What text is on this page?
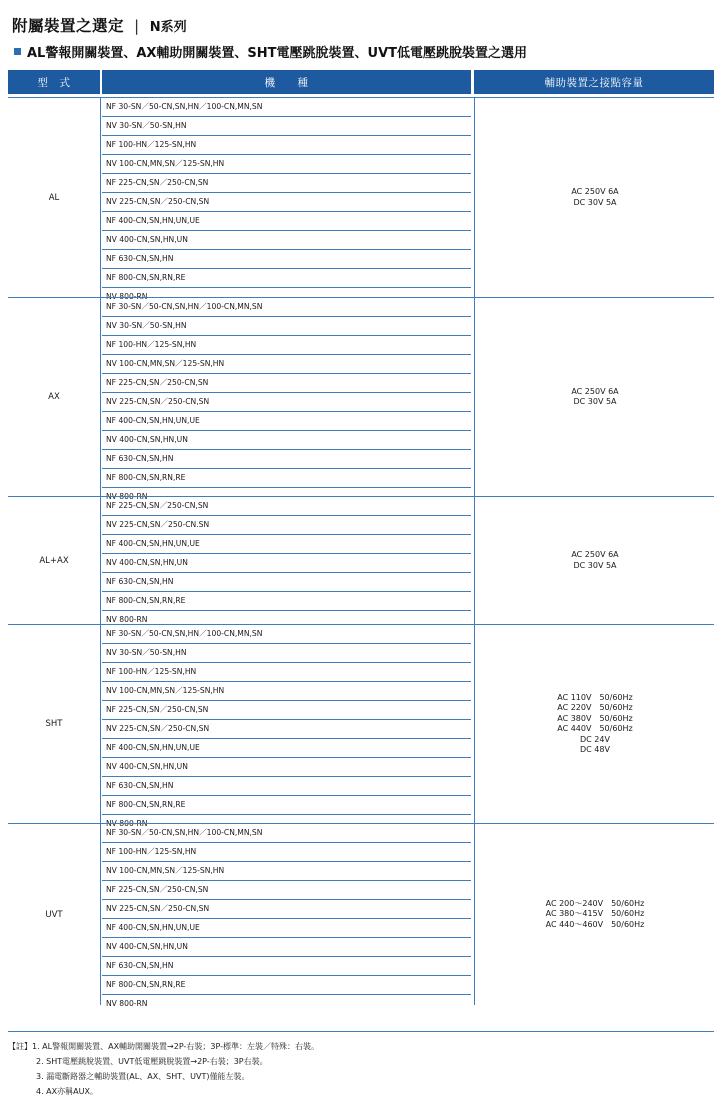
附屬裝置之選定 | N系列
AL警報開關裝置、AX輔助開關裝置、SHT電壓跳脫裝置、UVT低電壓跳脫裝置之選用
型　式	機　　種	輔助裝置之接點容量
AL
NF 30-SN／50-CN,SN,HN／100-CN,MN,SN
NV 30-SN／50-SN,HN
NF 100-HN／125-SN,HN
NV 100-CN,MN,SN／125-SN,HN
NF 225-CN,SN／250-CN,SN
NV 225-CN,SN／250-CN,SN
NF 400-CN,SN,HN,UN,UE
NV 400-CN,SN,HN,UN
NF 630-CN,SN,HN
NF 800-CN,SN,RN,RE
NV 800-RN
AC 250V 6A
DC 30V 5A
AX
NF 30-SN／50-CN,SN,HN／100-CN,MN,SN
NV 30-SN／50-SN,HN
NF 100-HN／125-SN,HN
NV 100-CN,MN,SN／125-SN,HN
NF 225-CN,SN／250-CN,SN
NV 225-CN,SN／250-CN,SN
NF 400-CN,SN,HN,UN,UE
NV 400-CN,SN,HN,UN
NF 630-CN,SN,HN
NF 800-CN,SN,RN,RE
NV 800-RN
AC 250V 6A
DC 30V 5A
AL+AX
NF 225-CN,SN／250-CN,SN
NV 225-CN,SN／250-CN.SN
NF 400-CN,SN,HN,UN,UE
NV 400-CN,SN,HN,UN
NF 630-CN,SN,HN
NF 800-CN,SN,RN,RE
NV 800-RN
AC 250V 6A
DC 30V 5A
SHT
NF 30-SN／50-CN,SN,HN／100-CN,MN,SN
NV 30-SN／50-SN,HN
NF 100-HN／125-SN,HN
NV 100-CN,MN,SN／125-SN,HN
NF 225-CN,SN／250-CN,SN
NV 225-CN,SN／250-CN,SN
NF 400-CN,SN,HN,UN,UE
NV 400-CN,SN,HN,UN
NF 630-CN,SN,HN
NF 800-CN,SN,RN,RE
NV 800-RN
AC 110V　50/60Hz
AC 220V　50/60Hz
AC 380V　50/60Hz
AC 440V　50/60Hz
DC 24V
DC 48V
UVT
NF 30-SN／50-CN,SN,HN／100-CN,MN,SN
NF 100-HN／125-SN,HN
NV 100-CN,MN,SN／125-SN,HN
NF 225-CN,SN／250-CN,SN
NV 225-CN,SN／250-CN,SN
NF 400-CN,SN,HN,UN,UE
NV 400-CN,SN,HN,UN
NF 630-CN,SN,HN
NF 800-CN,SN,RN,RE
NV 800-RN
AC 200～240V　50/60Hz
AC 380～415V　50/60Hz
AC 440～460V　50/60Hz
【註】1. AL警報開關裝置、AX輔助開關裝置→2P-右裝；3P-標準：左裝／特殊：右裝。
2. SHT電壓跳脫裝置、UVT低電壓跳脫裝置→2P-右裝；3P右裝。
3. 漏電斷路器之輔助裝置(AL、AX、SHT、UVT)僅能左裝。
4. AX亦稱AUX。
